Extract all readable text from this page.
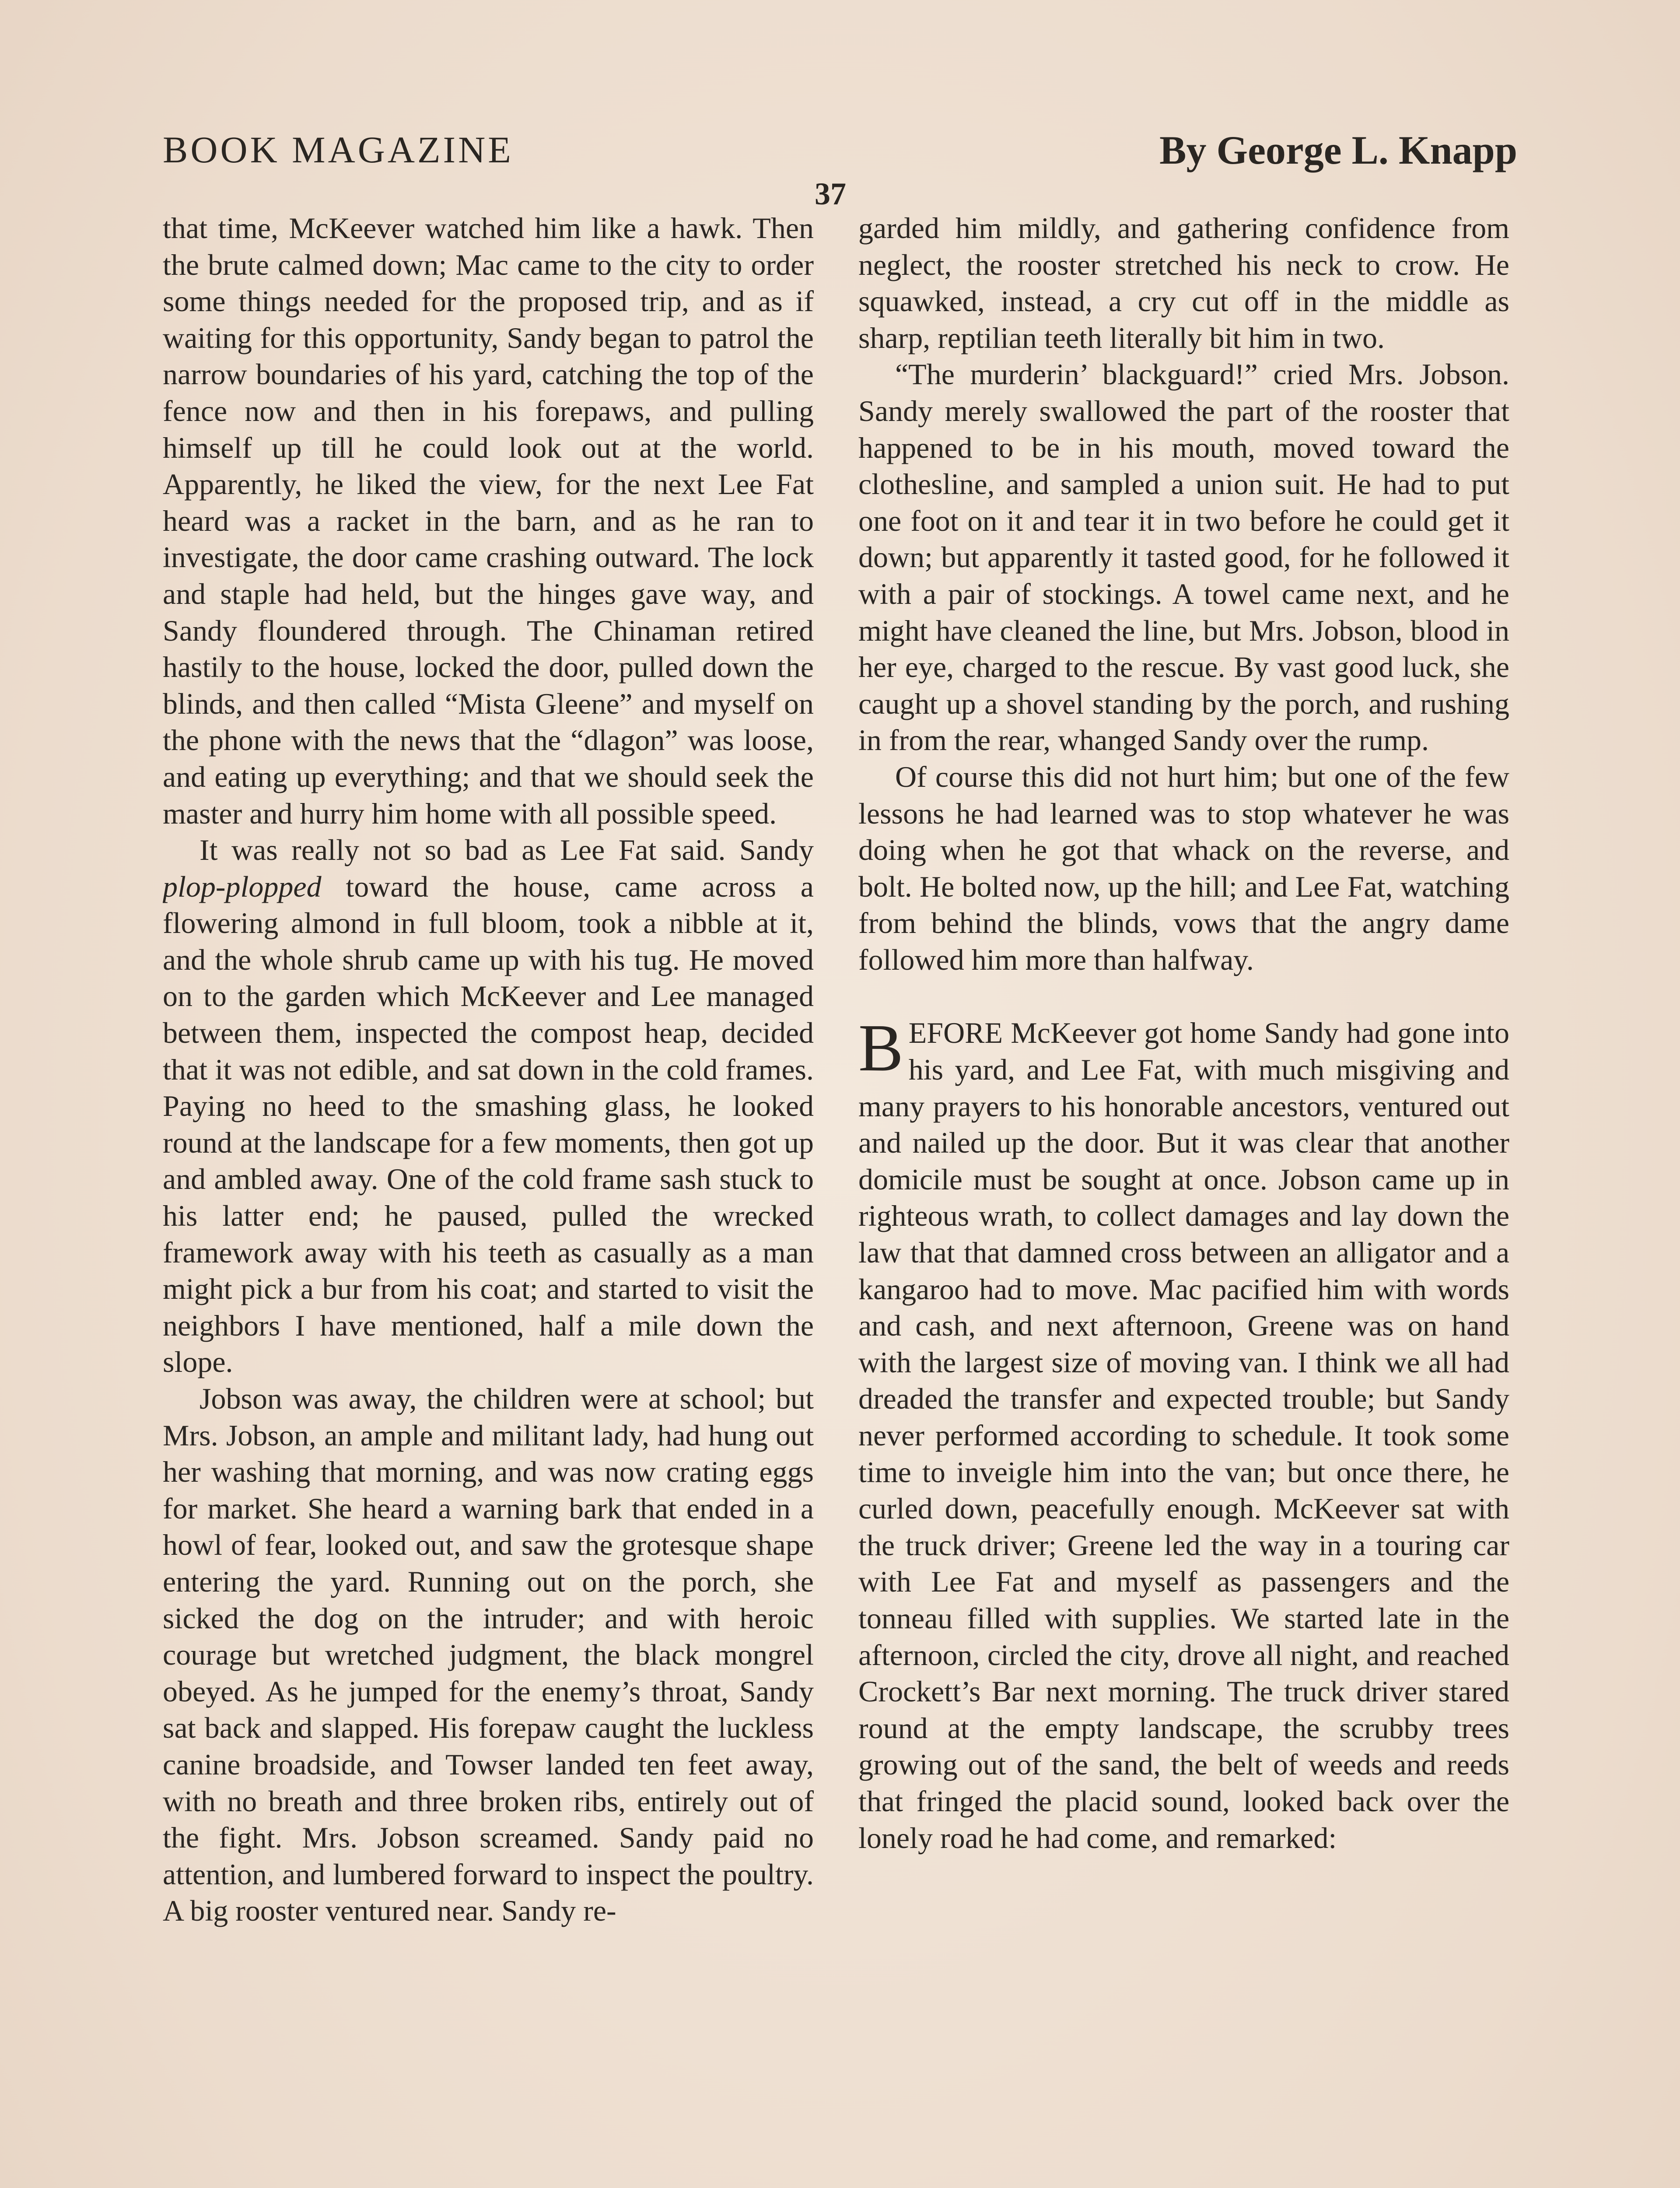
BOOK MAGAZINE	By George L. Knapp
37

that time, McKeever watched him like a hawk. Then the brute calmed down; Mac came to the city to order some things needed for the proposed trip, and as if waiting for this opportunity, Sandy began to patrol the narrow boundaries of his yard, catching the top of the fence now and then in his forepaws, and pulling himself up till he could look out at the world. Apparently, he liked the view, for the next Lee Fat heard was a racket in the barn, and as he ran to investigate, the door came crashing outward. The lock and staple had held, but the hinges gave way, and Sandy floundered through. The Chinaman retired hastily to the house, locked the door, pulled down the blinds, and then called “Mista Gleene” and myself on the phone with the news that the “dlagon” was loose, and eating up everything; and that we should seek the master and hurry him home with all possible speed.

It was really not so bad as Lee Fat said. Sandy plop-plopped toward the house, came across a flowering almond in full bloom, took a nibble at it, and the whole shrub came up with his tug. He moved on to the garden which McKeever and Lee managed between them, inspected the compost heap, decided that it was not edible, and sat down in the cold frames. Paying no heed to the smashing glass, he looked round at the landscape for a few moments, then got up and ambled away. One of the cold frame sash stuck to his latter end; he paused, pulled the wrecked framework away with his teeth as casually as a man might pick a bur from his coat; and started to visit the neighbors I have mentioned, half a mile down the slope.

Jobson was away, the children were at school; but Mrs. Jobson, an ample and militant lady, had hung out her washing that morning, and was now crating eggs for market. She heard a warning bark that ended in a howl of fear, looked out, and saw the grotesque shape entering the yard. Running out on the porch, she sicked the dog on the intruder; and with heroic courage but wretched judgment, the black mongrel obeyed. As he jumped for the enemy’s throat, Sandy sat back and slapped. His forepaw caught the luckless canine broadside, and Towser landed ten feet away, with no breath and three broken ribs, entirely out of the fight. Mrs. Jobson screamed. Sandy paid no attention, and lumbered forward to inspect the poultry. A big rooster ventured near. Sandy re-

garded him mildly, and gathering confidence from neglect, the rooster stretched his neck to crow. He squawked, instead, a cry cut off in the middle as sharp, reptilian teeth literally bit him in two.

“The murderin’ blackguard!” cried Mrs. Jobson. Sandy merely swallowed the part of the rooster that happened to be in his mouth, moved toward the clothesline, and sampled a union suit. He had to put one foot on it and tear it in two before he could get it down; but apparently it tasted good, for he followed it with a pair of stockings. A towel came next, and he might have cleaned the line, but Mrs. Jobson, blood in her eye, charged to the rescue. By vast good luck, she caught up a shovel standing by the porch, and rushing in from the rear, whanged Sandy over the rump.

Of course this did not hurt him; but one of the few lessons he had learned was to stop whatever he was doing when he got that whack on the reverse, and bolt. He bolted now, up the hill; and Lee Fat, watching from behind the blinds, vows that the angry dame followed him more than halfway.

BEFORE McKeever got home Sandy had gone into his yard, and Lee Fat, with much misgiving and many prayers to his honorable ancestors, ventured out and nailed up the door. But it was clear that another domicile must be sought at once. Jobson came up in righteous wrath, to collect damages and lay down the law that that damned cross between an alligator and a kangaroo had to move. Mac pacified him with words and cash, and next afternoon, Greene was on hand with the largest size of moving van. I think we all had dreaded the transfer and expected trouble; but Sandy never performed according to schedule. It took some time to inveigle him into the van; but once there, he curled down, peacefully enough. McKeever sat with the truck driver; Greene led the way in a touring car with Lee Fat and myself as passengers and the tonneau filled with supplies. We started late in the afternoon, circled the city, drove all night, and reached Crockett’s Bar next morning. The truck driver stared round at the empty landscape, the scrubby trees growing out of the sand, the belt of weeds and reeds that fringed the placid sound, looked back over the lonely road he had come, and remarked:
